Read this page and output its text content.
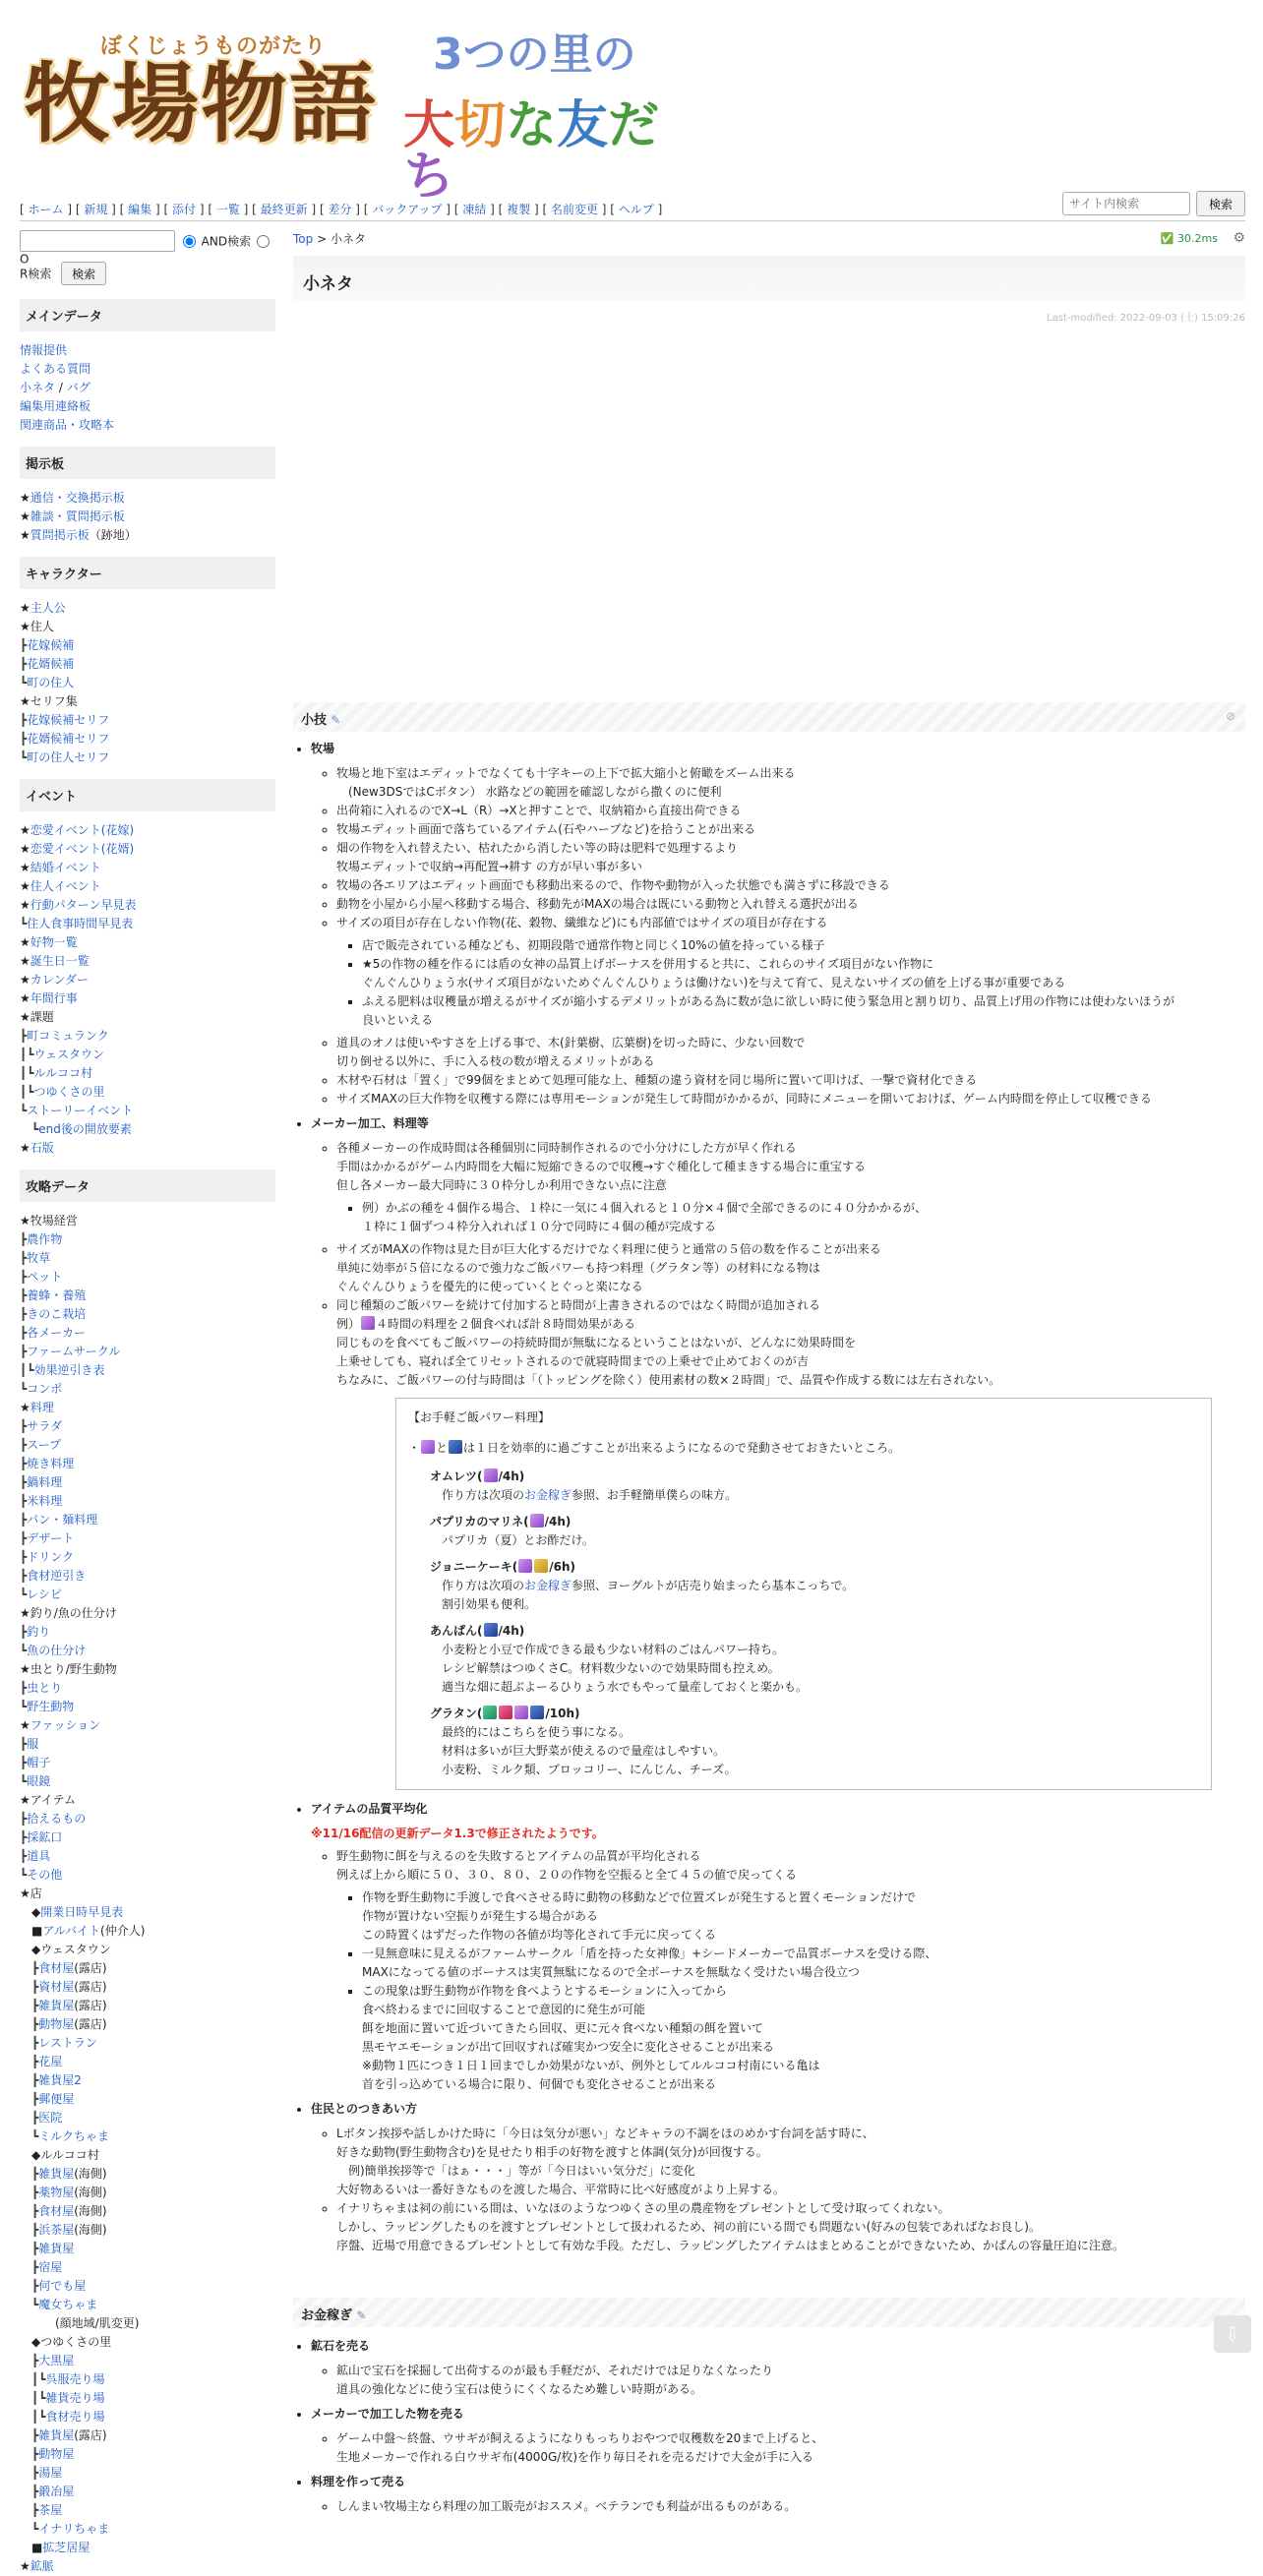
ぼくじょうものがたり
牧場物語 3つの里の
大切な友だち
[ ホーム ] [ 新規 ] [ 編集 ] [ 添付 ] [ 一覧 ] [ 最終更新 ] [ 差分 ] [ バックアップ ] [ 凍結 ] [ 複製 ] [ 名前変更 ] [ ヘルプ ]
サイト内検索	検索
AND検索  O
R検索 検索
メインデータ
情報提供
よくある質問
小ネタ / バグ
編集用連絡板
関連商品・攻略本
掲示板
★通信・交換掲示板
★雑談・質問掲示板
★質問掲示板（跡地）
キャラクター
★主人公
★住人
┣花嫁候補
┣花婿候補
┗町の住人
★セリフ集
┣花嫁候補セリフ
┣花婿候補セリフ
┗町の住人セリフ
イベント
★恋愛イベント(花嫁)
★恋愛イベント(花婿)
★結婚イベント
★住人イベント
★行動パターン早見表
┗住人食事時間早見表
★好物一覧
★誕生日一覧
★カレンダー
★年間行事
★課題
┣町コミュランク
┃┗ウェスタウン
┃┗ルルココ村
┃┗つゆくさの里
┗ストーリーイベント
　┗end後の開放要素
★石版
攻略データ
★牧場経営
┣農作物
┣牧草
┣ペット
┣養蜂・養殖
┣きのこ栽培
┣各メーカー
┣ファームサークル
┃┗効果逆引き表
┗コンポ
★料理
┣サラダ
┣スープ
┣焼き料理
┣鍋料理
┣米料理
┣パン・麺料理
┣デザート
┣ドリンク
┣食材逆引き
┗レシピ
★釣り/魚の仕分け
┣釣り
┗魚の仕分け
★虫とり/野生動物
┣虫とり
┗野生動物
★ファッション
┣服
┣帽子
┗眼鏡
★アイテム
┣拾えるもの
┣採鉱口
┣道具
┗その他
★店
　◆開業日時早見表
　■アルバイト(仲介人)
　◆ウェスタウン
　┣食材屋(露店)
　┣資材屋(露店)
　┣雑貨屋(露店)
　┣動物屋(露店)
　┣レストラン
　┣花屋
　┣雑貨屋2
　┣郵便屋
　┣医院
　┗ミルクちゃま
　◆ルルココ村
　┣雑貨屋(海側)
　┣薬物屋(海側)
　┣食材屋(海側)
　┣浜茶屋(海側)
　┣雑貨屋
　┣宿屋
　┣何でも屋
　┗魔女ちゃま
　　　(顔地域/肌変更)
　◆つゆくさの里
　┣大黒屋
　┃┗呉服売り場
　┃┗雑貨売り場
　┃┗食材売り場
　┣雑貨屋(露店)
　┣動物屋
　┣湯屋
　┣鍛冶屋
　┣茶屋
　┗イナリちゃま
　■拡芝居屋
★鉱脈
Top > 小ネタ	✅ 30.2ms ⚙
小ネタ
Last-modified: 2022-09-03 (土) 15:09:26
小技 ✎	⊘
• 牧場
◦ 牧場と地下室はエディットでなくても十字キーの上下で拡大縮小と俯瞰をズーム出来る
　(New3DSではCボタン） 水路などの範囲を確認しながら撒くのに便利
◦ 出荷箱に入れるのでX→L（R）→Xと押すことで、収納箱から直接出荷できる
◦ 牧場エディット画面で落ちているアイテム(石やハーブなど)を拾うことが出来る
◦ 畑の作物を入れ替えたい、枯れたから消したい等の時は肥料で処理するより
牧場エディットで収納→再配置→耕す の方が早い事が多い
◦ 牧場の各エリアはエディット画面でも移動出来るので、作物や動物が入った状態でも満さずに移設できる
◦ 動物を小屋から小屋へ移動する場合、移動先がMAXの場合は既にいる動物と入れ替える選択が出る
◦ サイズの項目が存在しない作物(花、穀物、繊維など)にも内部値ではサイズの項目が存在する
▪ 店で販売されている種なども、初期段階で通常作物と同じく10%の値を持っている様子
▪ ★5の作物の種を作るには盾の女神の品質上げボーナスを併用すると共に、これらのサイズ項目がない作物に
ぐんぐんひりょう水(サイズ項目がないためぐんぐんひりょうは働けない)を与えて育て、見えないサイズの値を上げる事が重要である
▪ ふえる肥料は収穫量が増えるがサイズが縮小するデメリットがある為に数が急に欲しい時に使う緊急用と割り切り、品質上げ用の作物には使わないほうが
良いといえる
◦ 道具のオノは使いやすさを上げる事で、木(針葉樹、広葉樹)を切った時に、少ない回数で
切り倒せる以外に、手に入る枝の数が増えるメリットがある
◦ 木材や石材は「置く」で99個をまとめて処理可能な上、種類の違う資材を同じ場所に置いて叩けば、一撃で資材化できる
◦ サイズMAXの巨大作物を収穫する際には専用モーションが発生して時間がかかるが、同時にメニューを開いておけば、ゲーム内時間を停止して収穫できる
• メーカー加工、料理等
◦ 各種メーカーの作成時間は各種個別に同時制作されるので小分けにした方が早く作れる
手間はかかるがゲーム内時間を大幅に短縮できるので収穫→すぐ種化して種まきする場合に重宝する
但し各メーカー最大同時に３０枠分しか利用できない点に注意
▪ 例）かぶの種を４個作る場合、１枠に一気に４個入れると１０分×４個で全部できるのに４０分かかるが、
１枠に１個ずつ４枠分入れれば１０分で同時に４個の種が完成する
◦ サイズがMAXの作物は見た目が巨大化するだけでなく料理に使うと通常の５倍の数を作ることが出来る
単純に効率が５倍になるので強力なご飯パワーも持つ料理（グラタン等）の材料になる物は
ぐんぐんひりょうを優先的に使っていくとぐっと楽になる
◦ 同じ種類のご飯パワーを続けて付加すると時間が上書きされるのではなく時間が追加される
例） ４時間の料理を２個食べれば計８時間効果がある
同じものを食べてもご飯パワーの持続時間が無駄になるということはないが、どんなに効果時間を
上乗せしても、寝れば全てリセットされるので就寝時間までの上乗せで止めておくのが吉
ちなみに、ご飯パワーの付与時間は「（トッピングを除く）使用素材の数×２時間」で、品質や作成する数には左右されない。
【お手軽ご飯パワー料理】
・ と は１日を効率的に過ごすことが出来るようになるので発動させておきたいところ。
オムレツ( /4h)
作り方は次項のお金稼ぎ参照、お手軽簡単僕らの味方。
パプリカのマリネ( /4h)
パプリカ（夏）とお酢だけ。
ジョニーケーキ(	/6h)
作り方は次項のお金稼ぎ参照、ヨーグルトが店売り始まったら基本こっちで。
割引効果も便利。
あんぱん( /4h)
小麦粉と小豆で作成できる最も少ない材料のごはんパワー持ち。
レシピ解禁はつゆくさC。材料数少ないので効果時間も控えめ。
適当な畑に超ぶよーるひりょう水でもやって量産しておくと楽かも。
グラタン(	/10h)
最終的にはこちらを使う事になる。
材料は多いが巨大野菜が使えるので量産はしやすい。
小麦粉、ミルク類、ブロッコリー、にんじん、チーズ。
• アイテムの品質平均化
※11/16配信の更新データ1.3で修正されたようです。
◦ 野生動物に餌を与えるのを失敗するとアイテムの品質が平均化される
例えば上から順に５０、３０、８０、２０の作物を空振ると全て４５の値で戻ってくる
▪ 作物を野生動物に手渡しで食べさせる時に動物の移動などで位置ズレが発生すると置くモーションだけで
作物が置けない空振りが発生する場合がある
この時置くはずだった作物の各値が均等化されて手元に戻ってくる
▪ 一見無意味に見えるがファームサークル「盾を持った女神像」+シードメーカーで品質ボーナスを受ける際、
MAXになってる値のボーナスは実質無駄になるので全ボーナスを無駄なく受けたい場合役立つ
▪ この現象は野生動物が作物を食べようとするモーションに入ってから
食べ終わるまでに回収することで意図的に発生が可能
餌を地面に置いて近づいてきたら回収、更に元々食べない種類の餌を置いて
黒モヤエモーションが出て回収すれば確実かつ安全に変化させることが出来る
※動物１匹につき１日１回までしか効果がないが、例外としてルルココ村南にいる亀は
首を引っ込めている場合に限り、何個でも変化させることが出来る
• 住民とのつきあい方
◦ Lボタン挨拶や話しかけた時に「今日は気分が悪い」などキャラの不調をほのめかす台詞を話す時に、
好きな動物(野生動物含む)を見せたり相手の好物を渡すと体調(気分)が回復する。
　例)簡単挨拶等で「はぁ・・・」等が「今日はいい気分だ」に変化
大好物あるいは一番好きなものを渡した場合、平常時に比べ好感度がより上昇する。
◦ イナリちゃまは祠の前にいる間は、いなほのようなつゆくさの里の農産物をプレゼントとして受け取ってくれない。
しかし、ラッピングしたものを渡すとプレゼントとして扱われるため、祠の前にいる間でも問題ない(好みの包装であればなお良し)。
序盤、近場で用意できるプレゼントとして有効な手段。ただし、ラッピングしたアイテムはまとめることができないため、かばんの容量圧迫に注意。
お金稼ぎ ✎
• 鉱石を売る
◦ 鉱山で宝石を採掘して出荷するのが最も手軽だが、それだけでは足りなくなったり
道具の強化などに使う宝石は使うにくくなるため難しい時期がある。
• メーカーで加工した物を売る
◦ ゲーム中盤～終盤、ウサギが飼えるようになりもっちりおやつで収穫数を20まで上げると、
生地メーカーで作れる白ウサギ布(4000G/枚)を作り毎日それを売るだけで大金が手に入る
• 料理を作って売る
◦ しんまい牧場主なら料理の加工販売がおススメ。ベテランでも利益が出るものがある。
⇩
